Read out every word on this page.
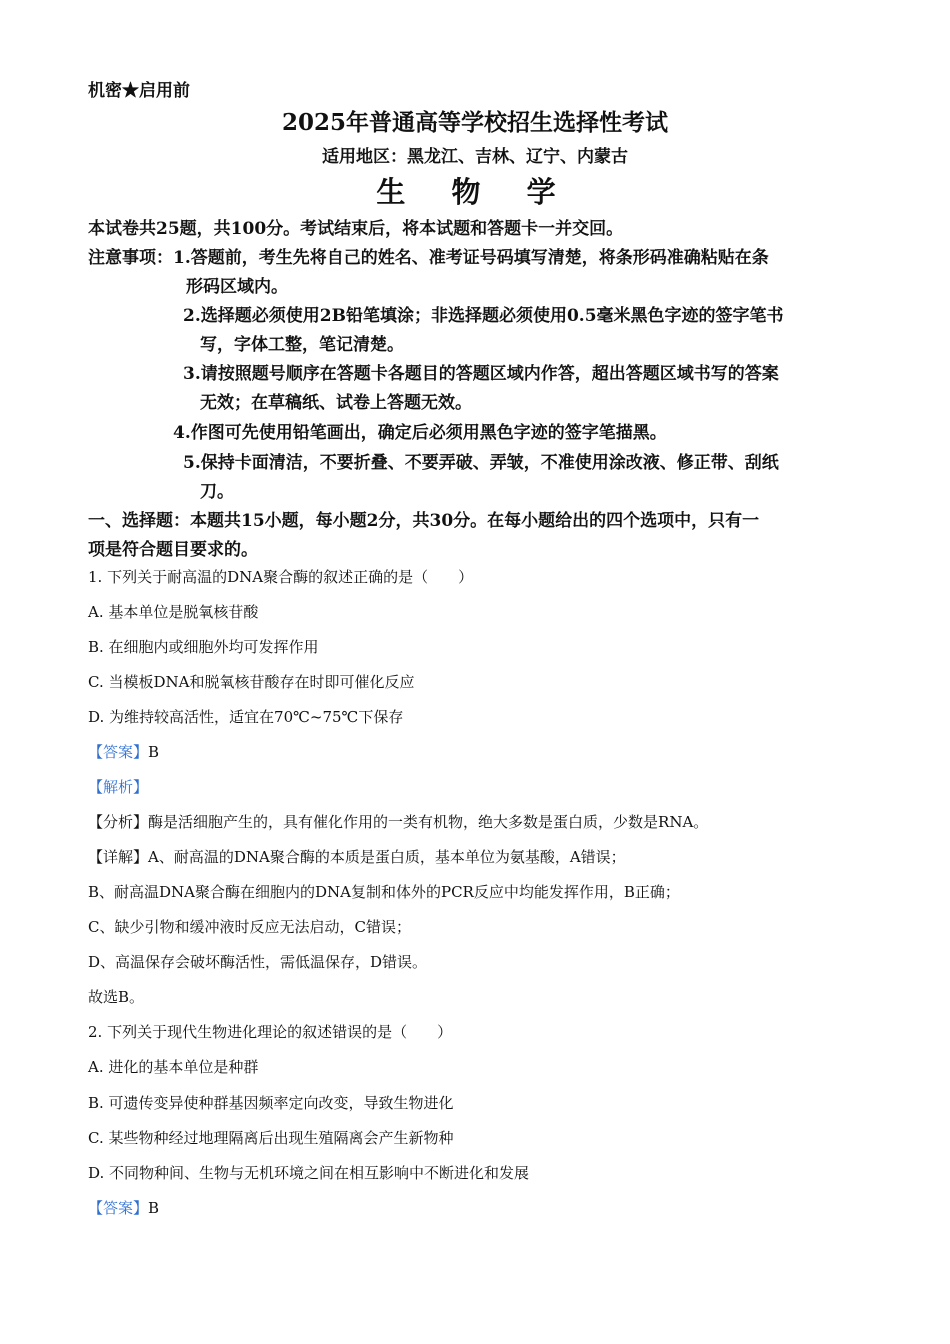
机密★启用前
2025年普通高等学校招生选择性考试
适用地区：黑龙江、吉林、辽宁、内蒙古
生 物 学
本试卷共25题，共100分。考试结束后，将本试题和答题卡一并交回。
注意事项：1.答题前，考生先将自己的姓名、准考证号码填写清楚，将条形码准确粘贴在条
形码区域内。
2.选择题必须使用2B铅笔填涂；非选择题必须使用0.5毫米黑色字迹的签字笔书
写，字体工整，笔记清楚。
3.请按照题号顺序在答题卡各题目的答题区域内作答，超出答题区域书写的答案
无效；在草稿纸、试卷上答题无效。
4.作图可先使用铅笔画出，确定后必须用黑色字迹的签字笔描黑。
5.保持卡面清洁，不要折叠、不要弄破、弄皱，不准使用涂改液、修正带、刮纸
刀。
一、选择题：本题共15小题，每小题2分，共30分。在每小题给出的四个选项中，只有一
项是符合题目要求的。
1. 下列关于耐高温的DNA聚合酶的叙述正确的是（　　）
A. 基本单位是脱氧核苷酸
B. 在细胞内或细胞外均可发挥作用
C. 当模板DNA和脱氧核苷酸存在时即可催化反应
D. 为维持较高活性，适宜在70℃~75℃下保存
【答案】B
【解析】
【分析】酶是活细胞产生的，具有催化作用的一类有机物，绝大多数是蛋白质，少数是RNA。
【详解】A、耐高温的DNA聚合酶的本质是蛋白质，基本单位为氨基酸，A错误；
B、耐高温DNA聚合酶在细胞内的DNA复制和体外的PCR反应中均能发挥作用，B正确；
C、缺少引物和缓冲液时反应无法启动，C错误；
D、高温保存会破坏酶活性，需低温保存，D错误。
故选B。
2. 下列关于现代生物进化理论的叙述错误的是（　　）
A. 进化的基本单位是种群
B. 可遗传变异使种群基因频率定向改变，导致生物进化
C. 某些物种经过地理隔离后出现生殖隔离会产生新物种
D. 不同物种间、生物与无机环境之间在相互影响中不断进化和发展
【答案】B
